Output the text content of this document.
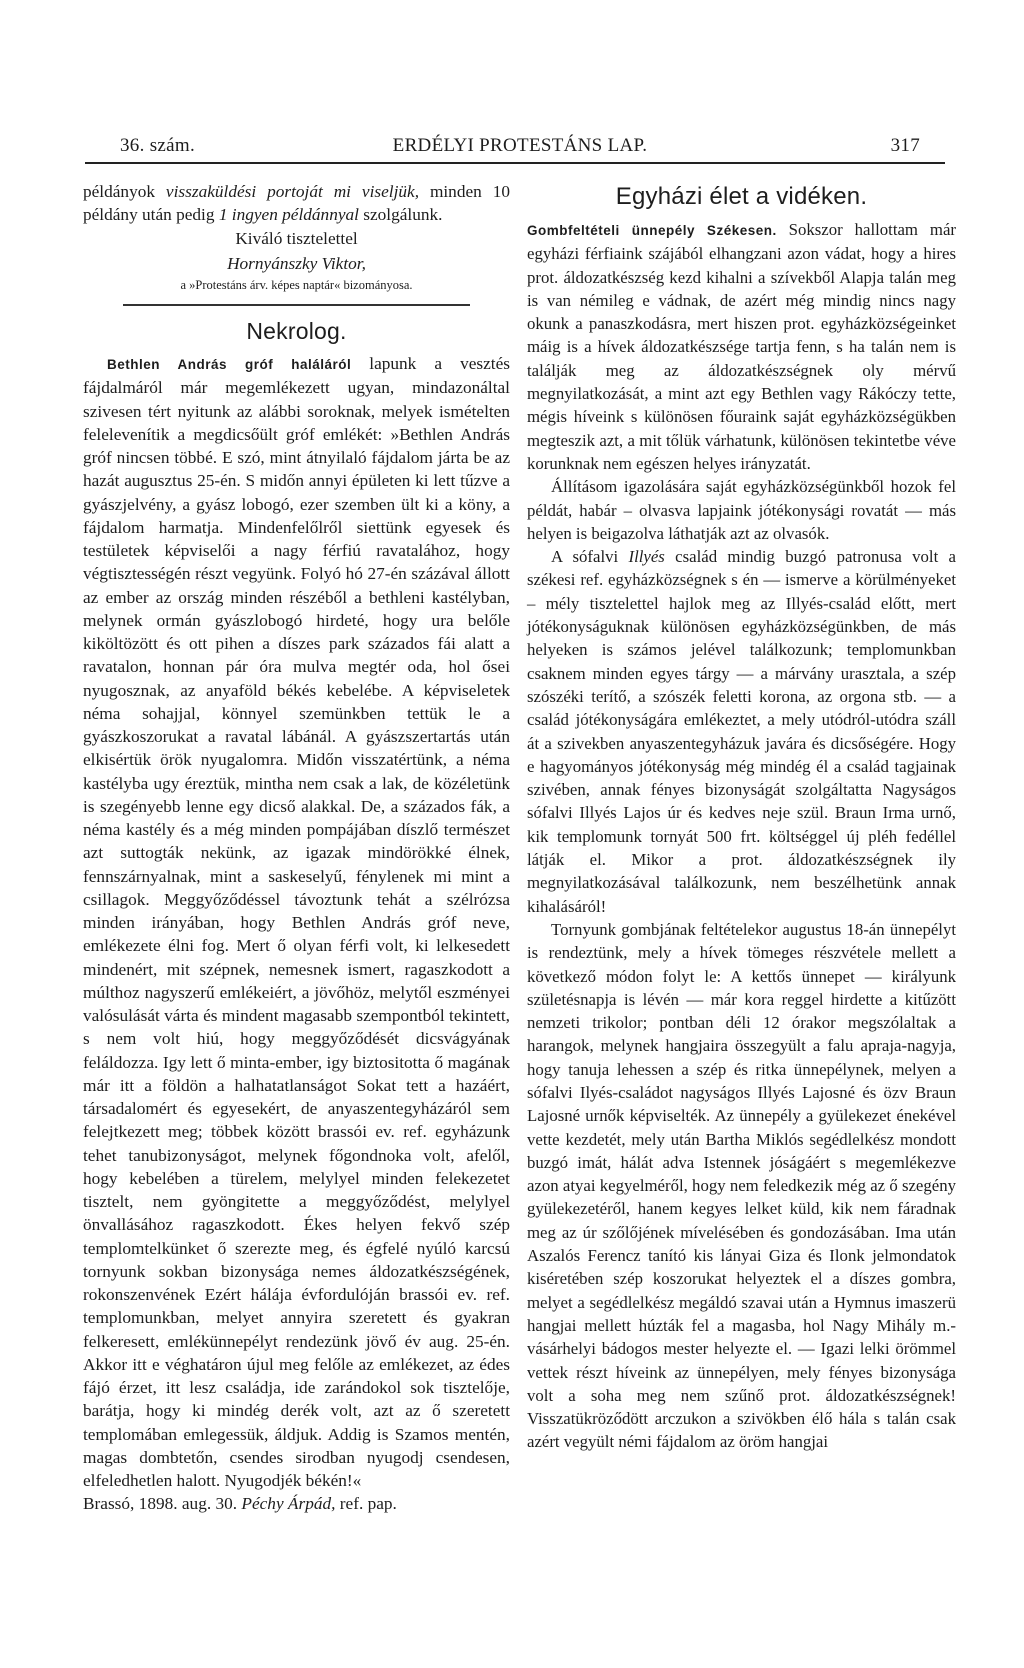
36. szám.	ERDÉLYI PROTESTÁNS LAP.	317

példányok visszaküldési portoját mi viseljük, minden 10 példány után pedig 1 ingyen példánnyal szolgálunk.

Kiváló tisztelettel

Hornyánszky Viktor,

a »Protestáns árv. képes naptár« bizományosa.

Nekrolog.

Bethlen András gróf haláláról lapunk a vesztés fájdalmáról már megemlékezett ugyan, mindazonáltal szivesen tért nyitunk az alábbi soroknak, melyek ismételten felelevenítik a megdicsőült gróf emlékét: »Bethlen András gróf nincsen többé. E szó, mint átnyilaló fájdalom járta be az hazát augusztus 25-én. S midőn annyi épületen ki lett tűzve a gyászjelvény, a gyász lobogó, ezer szemben ült ki a köny, a fájdalom harmatja. Mindenfelőlről siettünk egyesek és testületek képviselői a nagy férfiú ravatalához, hogy végtisztességén részt vegyünk. Folyó hó 27-én százával állott az ember az ország minden részéből a bethleni kastélyban, melynek ormán gyászlobogó hirdeté, hogy ura belőle kiköltözött és ott pihen a díszes park százados fái alatt a ravatalon, honnan pár óra mulva megtér oda, hol ősei nyugosznak, az anyaföld békés kebelébe. A képviseletek néma sohajjal, könnyel szemünkben tettük le a gyászkoszorukat a ravatal lábánál. A gyászszertartás után elkisértük örök nyugalomra. Midőn visszatértünk, a néma kastélyba ugy éreztük, mintha nem csak a lak, de közéletünk is szegényebb lenne egy dicső alakkal. De, a százados fák, a néma kastély és a még minden pompájában díszlő természet azt suttogták nekünk, az igazak mindörökké élnek, fennszárnyalnak, mint a saskeselyű, fénylenek mi mint a csillagok. Meggyőződéssel távoztunk tehát a szélrózsa minden irányában, hogy Bethlen András gróf neve, emlékezete élni fog. Mert ő olyan férfi volt, ki lelkesedett mindenért, mit szépnek, nemesnek ismert, ragaszkodott a múlthoz nagyszerű emlékeiért, a jövőhöz, melytől eszményei valósulását várta és mindent magasabb szempontból tekintett, s nem volt hiú, hogy meggyőződését dicsvágyának feláldozza. Igy lett ő minta-ember, igy biztositotta ő magának már itt a földön a halhatatlanságot Sokat tett a hazáért, társadalomért és egyesekért, de anyaszentegyházáról sem felejtkezett meg; többek között brassói ev. ref. egyházunk tehet tanubizonyságot, melynek főgondnoka volt, afelől, hogy kebelében a türelem, melylyel minden felekezetet tisztelt, nem gyöngitette a meggyőződést, melylyel önvallásához ragaszkodott. Ékes helyen fekvő szép templomtelkünket ő szerezte meg, és égfelé nyúló karcsú tornyunk sokban bizonysága nemes áldozatkészségének, rokonszenvének Ezért hálája évfordulóján brassói ev. ref. templomunkban, melyet annyira szeretett és gyakran felkeresett, emlékünnepélyt rendezünk jövő év aug. 25-én. Akkor itt e véghatáron újul meg felőle az emlékezet, az édes fájó érzet, itt lesz családja, ide zarándokol sok tisztelője, barátja, hogy ki mindég derék volt, azt az ő szeretett templomában emlegessük, áldjuk. Addig is Szamos mentén, magas dombtetőn, csendes sirodban nyugodj csendesen, elfeledhetlen halott. Nyugodjék békén!«

Brassó, 1898. aug. 30. Péchy Árpád, ref. pap.

Egyházi élet a vidéken.

Gombfeltételi ünnepély Székesen. Sokszor hallottam már egyházi férfiaink szájából elhangzani azon vádat, hogy a hires prot. áldozatkészség kezd kihalni a szívekből Alapja talán meg is van némileg e vádnak, de azért még mindig nincs nagy okunk a panaszkodásra, mert hiszen prot. egyházközségeinket máig is a hívek áldozatkészsége tartja fenn, s ha talán nem is találják meg az áldozatkészségnek oly mérvű megnyilatkozását, a mint azt egy Bethlen vagy Rákóczy tette, mégis híveink s különösen főuraink saját egyházközségükben megteszik azt, a mit tőlük várhatunk, különösen tekintetbe véve korunknak nem egészen helyes irányzatát.

Állításom igazolására saját egyházközségünkből hozok fel példát, habár – olvasva lapjaink jótékonysági rovatát — más helyen is beigazolva láthatják azt az olvasók.

A sófalvi Illyés család mindig buzgó patronusa volt a székesi ref. egyházközségnek s én — ismerve a körülményeket – mély tisztelettel hajlok meg az Illyés-család előtt, mert jótékonyságuknak különösen egyházközségünkben, de más helyeken is számos jelével találkozunk; templomunkban csaknem minden egyes tárgy — a márvány urasztala, a szép szószéki terítő, a szószék feletti korona, az orgona stb. — a család jótékonyságára emlékeztet, a mely utódról-utódra száll át a szivekben anyaszentegyházuk javára és dicsőségére. Hogy e hagyományos jótékonyság még mindég él a család tagjainak szivében, annak fényes bizonyságát szolgáltatta Nagyságos sófalvi Illyés Lajos úr és kedves neje szül. Braun Irma urnő, kik templomunk tornyát 500 frt. költséggel új pléh fedéllel látják el. Mikor a prot. áldozatkészségnek ily megnyilatkozásával találkozunk, nem beszélhetünk annak kihalásáról!

Tornyunk gombjának feltételekor augustus 18-án ünnepélyt is rendeztünk, mely a hívek tömeges részvétele mellett a következő módon folyt le: A kettős ünnepet — királyunk születésnapja is lévén — már kora reggel hirdette a kitűzött nemzeti trikolor; pontban déli 12 órakor megszólaltak a harangok, melynek hangjaira összegyült a falu apraja-nagyja, hogy tanuja lehessen a szép és ritka ünnepélynek, melyen a sófalvi Ilyés-családot nagyságos Illyés Lajosné és özv Braun Lajosné urnők képviselték. Az ünnepély a gyülekezet énekével vette kezdetét, mely után Bartha Miklós segédlelkész mondott buzgó imát, hálát adva Istennek jóságáért s megemlékezve azon atyai kegyelméről, hogy nem feledkezik még az ő szegény gyülekezetéről, hanem kegyes lelket küld, kik nem fáradnak meg az úr szőlőjének mívelésében és gondozásában. Ima után Aszalós Ferencz tanító kis lányai Giza és Ilonk jelmondatok kiséretében szép koszorukat helyeztek el a díszes gombra, melyet a segédlelkész megáldó szavai után a Hymnus imaszerü hangjai mellett húzták fel a magasba, hol Nagy Mihály m.-vásárhelyi bádogos mester helyezte el. — Igazi lelki örömmel vettek részt híveink az ünnepélyen, mely fényes bizonysága volt a soha meg nem szűnő prot. áldozatkészségnek! Visszatükröződött arczukon a szivökben élő hála s talán csak azért vegyült némi fájdalom az öröm hangjai
